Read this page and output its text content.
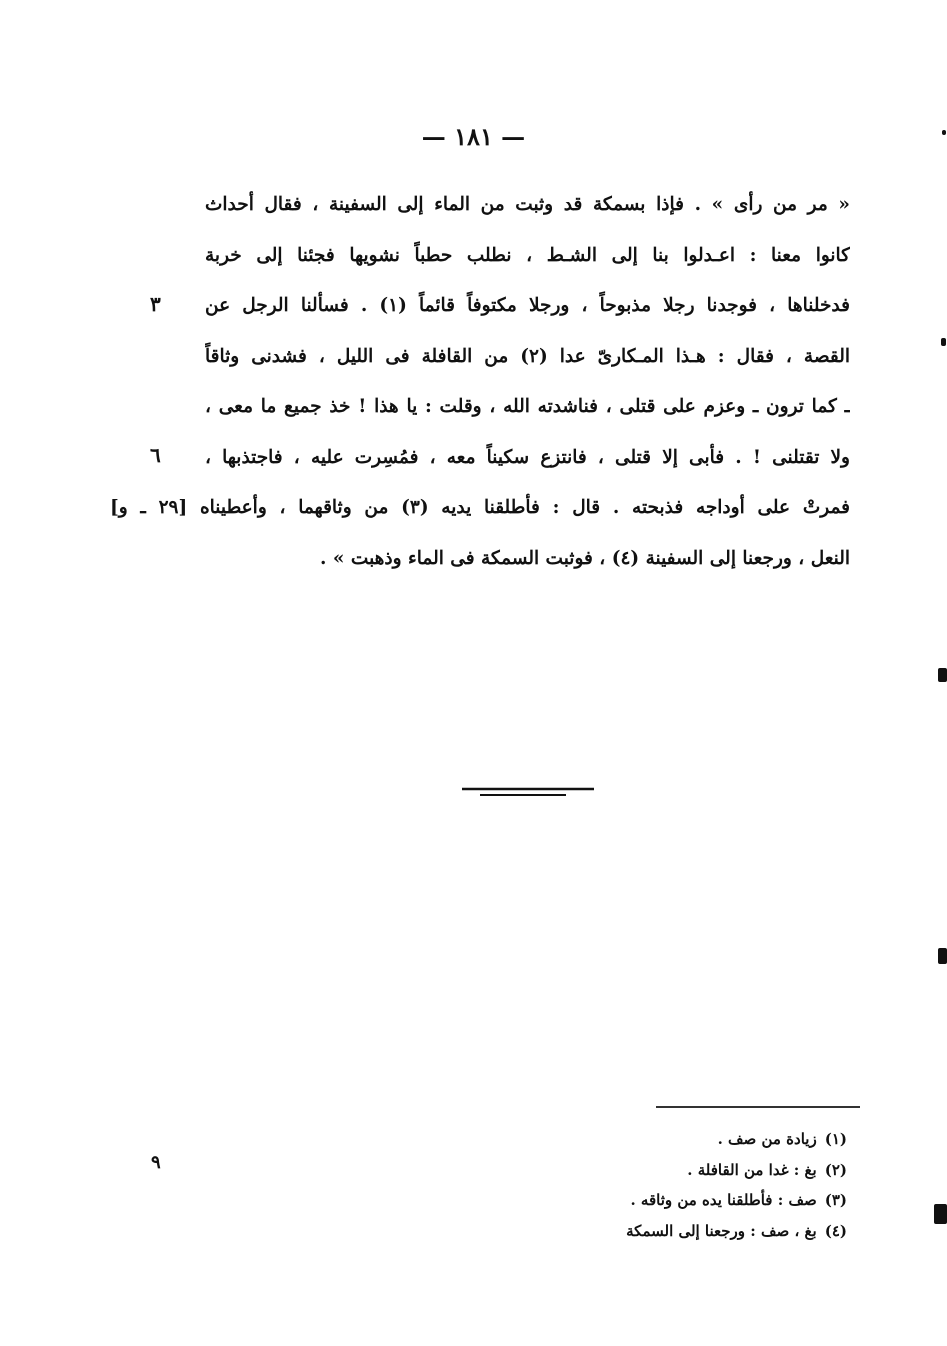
— ١٨١ —
« مر من رأى » . فإذا بسمكة قد وثبت من الماء إلى السفينة ، فقال أحداث
كانوا معنا : اعـدلوا بنا إلى الشـط ، نطلب حطباً نشويها فجئنا إلى خربة
فدخلناها ، فوجدنا رجلا مذبوحاً ، ورجلا مكتوفاً قائماً (١) . فسألنا الرجل عن
القصة ، فقال : هـذا المـكارىّ عدا (٢) من القافلة فى الليل ، فشدنى وثاقاً
ـ كما ترون ـ وعزم على قتلى ، فناشدته الله ، وقلت : يا هذا ! خذ جميع ما معى ،
ولا تقتلنى ! . فأبى إلا قتلى ، فانتزع سكيناً معه ، فمُسِرت عليه ، فاجتذبها ،
فمرتْ على أوداجه فذبحته . قال : فأطلقنا يديه (٣) من وثاقهما ، وأعطيناه [٢٩ ـ و]
النعل ، ورجعنا إلى السفينة (٤) ، فوثبت السمكة فى الماء وذهبت » .
٣
٦
(١)زيادة من صف .
(٢)بغ : غدا من القافلة .
(٣)صف : فأطلقنا يده من وثاقه .
(٤)بغ ، صف : ورجعنا إلى السمكة
٩
